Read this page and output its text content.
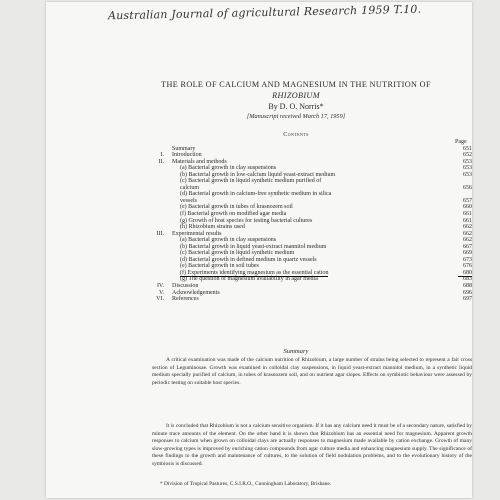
Australian Journal of agricultural Research 1959 T.10.
THE ROLE OF CALCIUM AND MAGNESIUM IN THE NUTRITION OF
RHIZOBIUM
By D. O. Norris*
[Manuscript received March 17, 1959]
Contents
Page
Summary	651
I. Introduction	652
II. Materials and methods	653
(a) Bacterial growth in clay suspensions	653
(b) Bacterial growth in low-calcium liquid yeast-extract medium	653
(c) Bacterial growth in liquid synthetic medium purified of
calcium	656
(d) Bacterial growth in calcium-free synthetic medium in silica
vessels	657
(e) Bacterial growth in tubes of krasnozem soil	660
(f) Bacterial growth on modified agar media	661
(g) Growth of host species for testing bacterial cultures	661
(h) Rhizobium strains used	662
III. Experimental results	662
(a) Bacterial growth in clay suspensions	662
(b) Bacterial growth in liquid yeast-extract mannitol medium	667
(c) Bacterial growth in liquid synthetic medium	669
(d) Bacterial growth in defined medium in quartz vessels	673
(e) Bacterial growth in soil tubes	676
(f) Experiments identifying magnesium as the essential cation	680
(g) The question of magnesium availability in agar media	683
IV. Discussion	688
V. Acknowledgements	696
VI. References	697
Summary
A critical examination was made of the calcium nutrition of Rhizobium, a large number of strains being selected to represent a fair cross section of Leguminosae. Growth was examined in colloidal clay suspensions, in liquid yeast-extract mannitol medium, in a synthetic liquid medium specially purified of calcium, in tubes of krasnozem soil, and on nutrient agar slopes. Effects on symbiotic behaviour were assessed by periodic testing on suitable host species.
It is concluded that Rhizobium is not a calcium sensitive organism. If it has any calcium need it must be of a secondary nature, satisfied by minute trace amounts of the element. On the other hand it is shown that Rhizobium has an essential need for magnesium. Apparent growth responses to calcium when grown on colloidal clays are actually responses to magnesium made available by cation exchange. Growth of many slow-growing types is improved by enriching cation compounds from agar culture media and enhancing magnesium supply. The significance of these findings to the growth and maintenance of cultures, to the solution of field nodulation problems, and to the evolutionary history of the symbiosis is discussed.
* Division of Tropical Pastures, C.S.I.R.O., Cunningham Laboratory, Brisbane.
